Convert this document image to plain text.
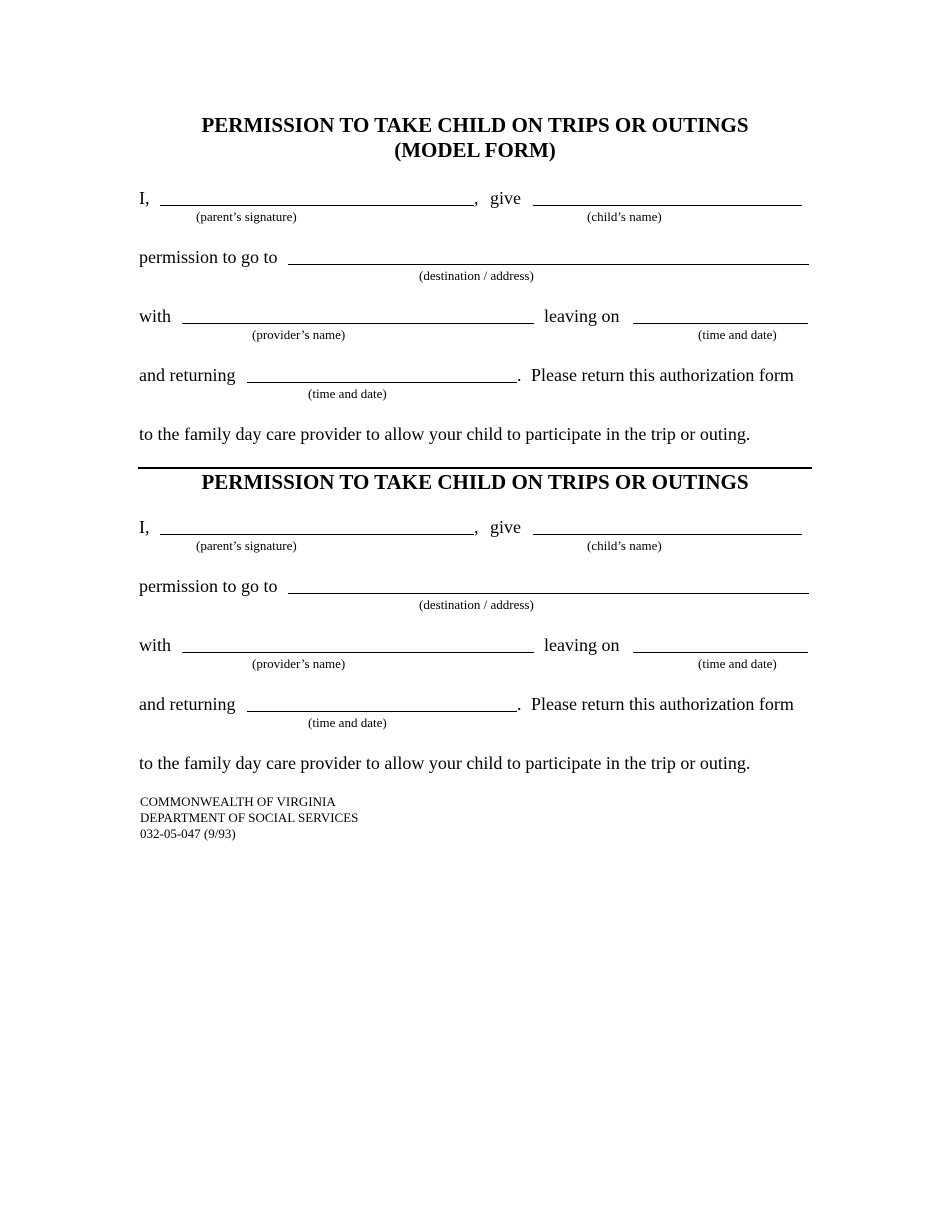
PERMISSION TO TAKE CHILD ON TRIPS OR OUTINGS
(MODEL FORM)
I,	, give
(parent’s signature)	(child’s name)
permission to go to
(destination / address)
with	leaving on
(provider’s name)	(time and date)
and returning	. Please return this authorization form
(time and date)
to the family day care provider to allow your child to participate in the trip or outing.
PERMISSION TO TAKE CHILD ON TRIPS OR OUTINGS
I,	, give
(parent’s signature)	(child’s name)
permission to go to
(destination / address)
with	leaving on
(provider’s name)	(time and date)
and returning	. Please return this authorization form
(time and date)
to the family day care provider to allow your child to participate in the trip or outing.
COMMONWEALTH OF VIRGINIA
DEPARTMENT OF SOCIAL SERVICES
032-05-047 (9/93)
